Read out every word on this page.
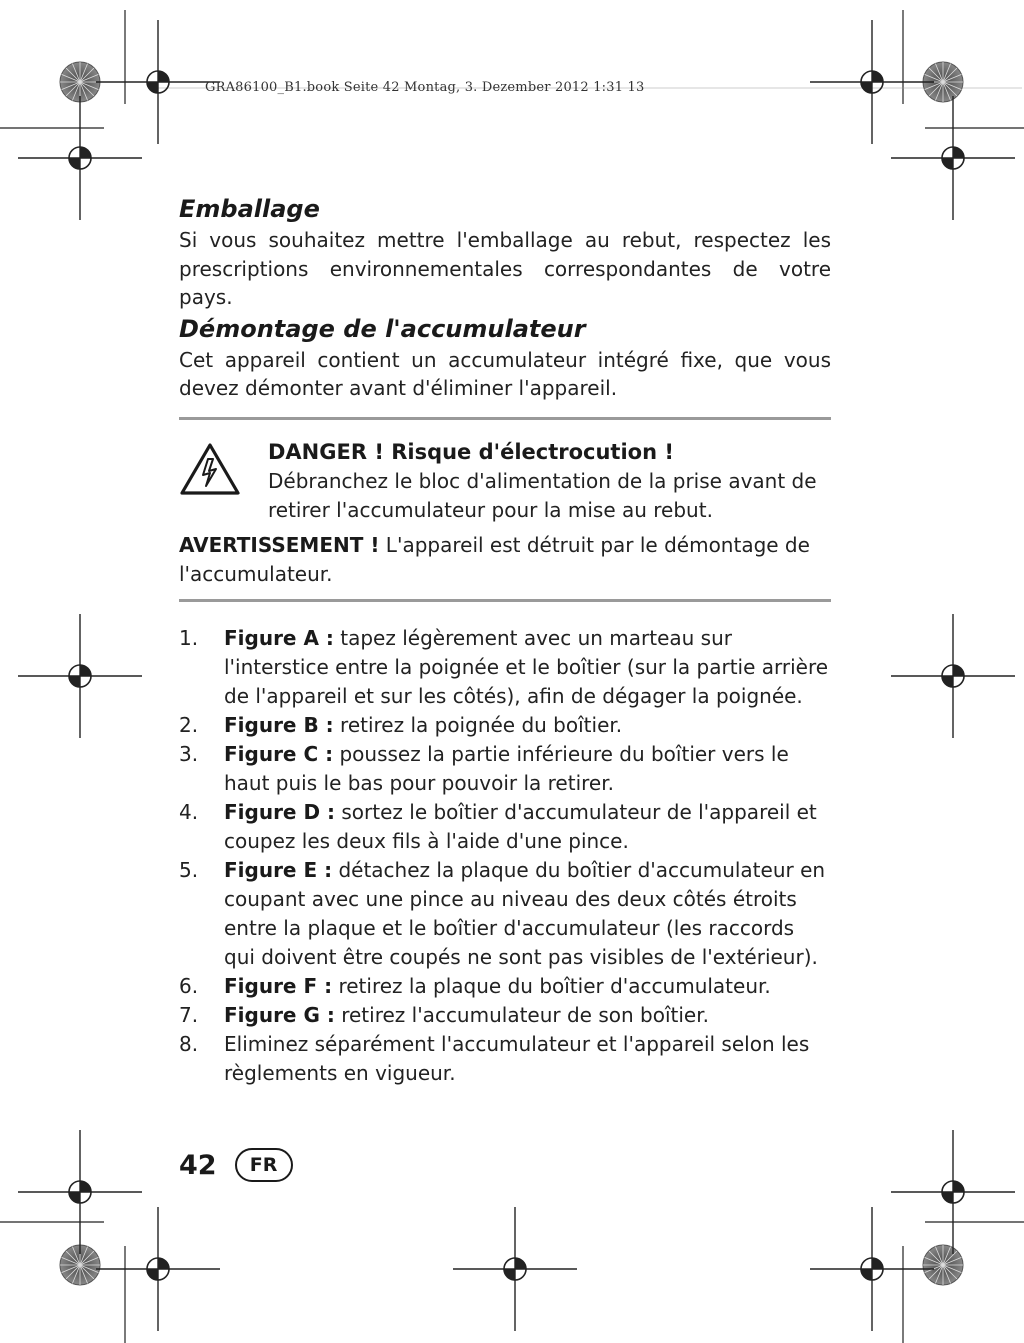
GRA86100_B1.book Seite 42 Montag, 3. Dezember 2012 1:31 13
Emballage

Si vous souhaitez mettre l'emballage au rebut, respectez les prescriptions environnementales correspondantes de votre pays.

Démontage de l'accumulateur

Cet appareil contient un accumulateur intégré fixe, que vous devez démonter avant d'éliminer l'appareil.

DANGER ! Risque d'électrocution !
Débranchez le bloc d'alimentation de la prise avant de retirer l'accumulateur pour la mise au rebut.
AVERTISSEMENT ! L'appareil est détruit par le démontage de l'accumulateur.
1. Figure A : tapez légèrement avec un marteau sur l'interstice entre la poignée et le boîtier (sur la partie arrière de l'appareil et sur les côtés), afin de dégager la poignée.
2. Figure B : retirez la poignée du boîtier.
3. Figure C : poussez la partie inférieure du boîtier vers le haut puis le bas pour pouvoir la retirer.
4. Figure D : sortez le boîtier d'accumulateur de l'appareil et coupez les deux fils à l'aide d'une pince.
5. Figure E : détachez la plaque du boîtier d'accumulateur en coupant avec une pince au niveau des deux côtés étroits entre la plaque et le boîtier d'accumulateur (les raccords qui doivent être coupés ne sont pas visibles de l'extérieur).
6. Figure F : retirez la plaque du boîtier d'accumulateur.
7. Figure G : retirez l'accumulateur de son boîtier.
8. Eliminez séparément l'accumulateur et l'appareil selon les règlements en vigueur.
42	FR
